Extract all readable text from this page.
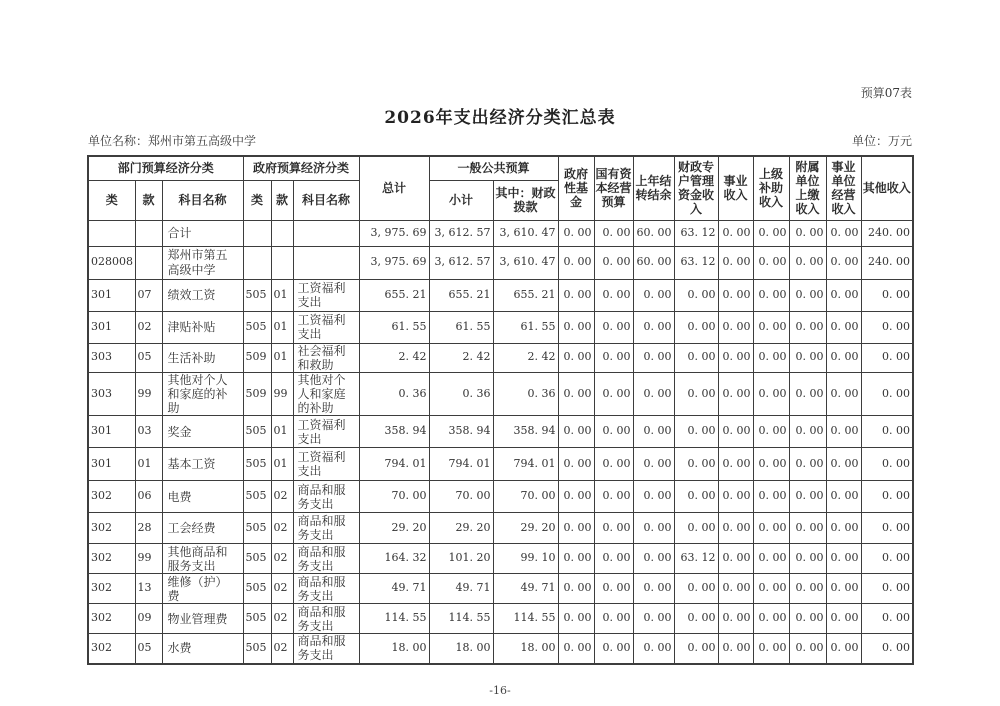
预算07表
2026年支出经济分类汇总表
单位名称：郑州市第五高级中学	单位：万元
部门预算经济分类			政府预算经济分类			总计	一般公共预算		政府性基金	国有资本经营预算	上年结转结余	财政专户管理资金收入	事业收入	上级补助收入	附属单位上缴收入	事业单位经营收入	其他收入
类	款	科目名称	类	款	科目名称		小计	其中：财政拨款									
		合计				3, 975. 69	3, 612. 57	3, 610. 47	0. 00	0. 00	60. 00	63. 12	0. 00	0. 00	0. 00	0. 00	240. 00
028008		郑州市第五高级中学				3, 975. 69	3, 612. 57	3, 610. 47	0. 00	0. 00	60. 00	63. 12	0. 00	0. 00	0. 00	0. 00	240. 00
301	07	绩效工资	505	01	工资福利支出	655. 21	655. 21	655. 21	0. 00	0. 00	0. 00	0. 00	0. 00	0. 00	0. 00	0. 00	0. 00
301	02	津贴补贴	505	01	工资福利支出	61. 55	61. 55	61. 55	0. 00	0. 00	0. 00	0. 00	0. 00	0. 00	0. 00	0. 00	0. 00
303	05	生活补助	509	01	社会福利和救助	2. 42	2. 42	2. 42	0. 00	0. 00	0. 00	0. 00	0. 00	0. 00	0. 00	0. 00	0. 00
303	99	其他对个人和家庭的补助	509	99	其他对个人和家庭的补助	0. 36	0. 36	0. 36	0. 00	0. 00	0. 00	0. 00	0. 00	0. 00	0. 00	0. 00	0. 00
301	03	奖金	505	01	工资福利支出	358. 94	358. 94	358. 94	0. 00	0. 00	0. 00	0. 00	0. 00	0. 00	0. 00	0. 00	0. 00
301	01	基本工资	505	01	工资福利支出	794. 01	794. 01	794. 01	0. 00	0. 00	0. 00	0. 00	0. 00	0. 00	0. 00	0. 00	0. 00
302	06	电费	505	02	商品和服务支出	70. 00	70. 00	70. 00	0. 00	0. 00	0. 00	0. 00	0. 00	0. 00	0. 00	0. 00	0. 00
302	28	工会经费	505	02	商品和服务支出	29. 20	29. 20	29. 20	0. 00	0. 00	0. 00	0. 00	0. 00	0. 00	0. 00	0. 00	0. 00
302	99	其他商品和服务支出	505	02	商品和服务支出	164. 32	101. 20	99. 10	0. 00	0. 00	0. 00	63. 12	0. 00	0. 00	0. 00	0. 00	0. 00
302	13	维修（护）费	505	02	商品和服务支出	49. 71	49. 71	49. 71	0. 00	0. 00	0. 00	0. 00	0. 00	0. 00	0. 00	0. 00	0. 00
302	09	物业管理费	505	02	商品和服务支出	114. 55	114. 55	114. 55	0. 00	0. 00	0. 00	0. 00	0. 00	0. 00	0. 00	0. 00	0. 00
302	05	水费	505	02	商品和服务支出	18. 00	18. 00	18. 00	0. 00	0. 00	0. 00	0. 00	0. 00	0. 00	0. 00	0. 00	0. 00
-16-
